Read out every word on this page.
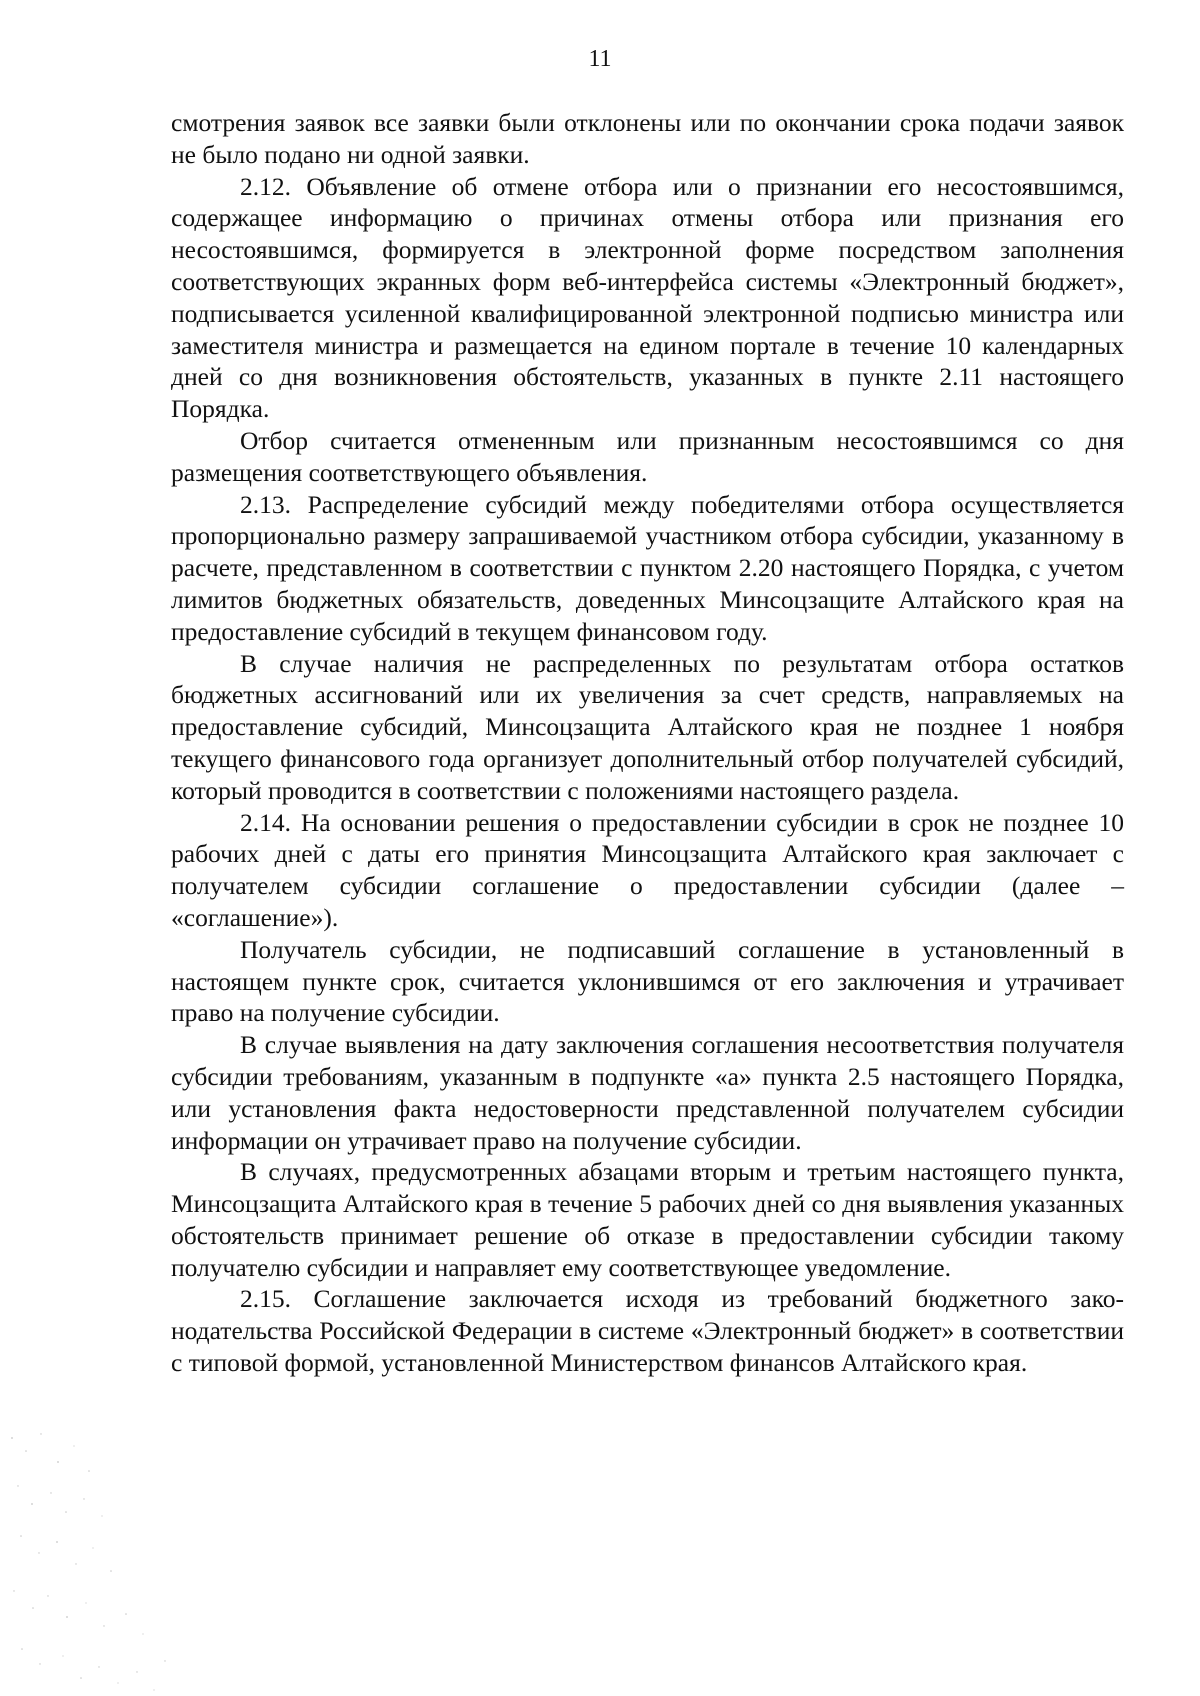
11

смотрения заявок все заявки были отклонены или по окончании срока подачи заявок не было подано ни одной заявки.

2.12. Объявление об отмене отбора или о признании его несостоявшимся, содержащее информацию о причинах отмены отбора или признания его несостоявшимся, формируется в электронной форме посредством заполнения соответствующих экранных форм веб-интерфейса системы «Электронный бюджет», подписывается усиленной квалифицированной электронной подписью министра или заместителя министра и размещается на едином портале в течение 10 календарных дней со дня возникновения обстоятельств, указанных в пункте 2.11 настоящего Порядка.

Отбор считается отмененным или признанным несостоявшимся со дня размещения соответствующего объявления.

2.13. Распределение субсидий между победителями отбора осуществляется пропорционально размеру запрашиваемой участником отбора субсидии, указанному в расчете, представленном в соответствии с пунктом 2.20 настоящего Порядка, с учетом лимитов бюджетных обязательств, доведенных Минсоцзащите Алтайского края на предоставление субсидий в текущем финансовом году.

В случае наличия не распределенных по результатам отбора остатков бюджетных ассигнований или их увеличения за счет средств, направляемых на предоставление субсидий, Минсоцзащита Алтайского края не позднее 1 ноября текущего финансового года организует дополнительный отбор получателей субсидий, который проводится в соответствии с положениями настоящего раздела.

2.14. На основании решения о предоставлении субсидии в срок не позднее 10 рабочих дней с даты его принятия Минсоцзащита Алтайского края заключает с получателем субсидии соглашение о предоставлении субсидии (далее – «соглашение»).

Получатель субсидии, не подписавший соглашение в установленный в настоящем пункте срок, считается уклонившимся от его заключения и утрачивает право на получение субсидии.

В случае выявления на дату заключения соглашения несоответствия получателя субсидии требованиям, указанным в подпункте «а» пункта 2.5 настоящего Порядка, или установления факта недостоверности представленной получателем субсидии информации он утрачивает право на получение субсидии.

В случаях, предусмотренных абзацами вторым и третьим настоящего пункта, Минсоцзащита Алтайского края в течение 5 рабочих дней со дня выявления указанных обстоятельств принимает решение об отказе в предоставлении субсидии такому получателю субсидии и направляет ему соответствующее уведомление.

2.15. Соглашение заключается исходя из требований бюджетного законодательства Российской Федерации в системе «Электронный бюджет» в соответствии с типовой формой, установленной Министерством финансов Алтайского края.
